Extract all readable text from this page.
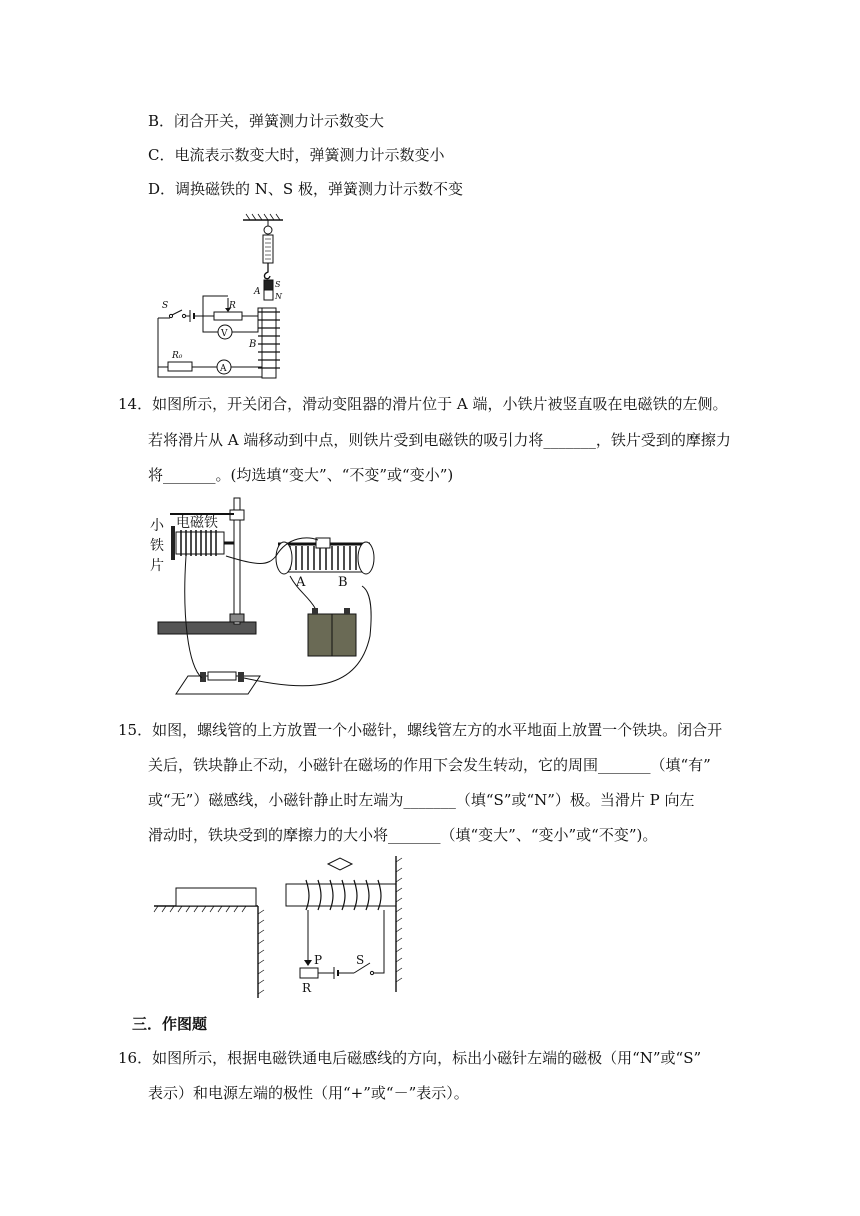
B．闭合开关，弹簧测力计示数变大
C．电流表示数变大时，弹簧测力计示数变小
D．调换磁铁的 N、S 极，弹簧测力计示数不变
A
S
N
B
S	R
V
R₀
A
14．如图所示，开关闭合，滑动变阻器的滑片位于 A 端，小铁片被竖直吸在电磁铁的左侧。
若将滑片从 A 端移动到中点，则铁片受到电磁铁的吸引力将_______，铁片受到的摩擦力
将_______。(均选填“变大”、“不变”或“变小”)
小
铁
片
电磁铁
A	B
15．如图，螺线管的上方放置一个小磁针，螺线管左方的水平地面上放置一个铁块。闭合开
关后，铁块静止不动，小磁针在磁场的作用下会发生转动，它的周围_______（填“有”
或“无”）磁感线，小磁针静止时左端为_______（填“S”或“N”）极。当滑片 P 向左
滑动时，铁块受到的摩擦力的大小将_______（填“变大”、“变小”或“不变”)。
P
R
S
三．作图题
16．如图所示，根据电磁铁通电后磁感线的方向，标出小磁针左端的磁极（用“N”或“S”
表示）和电源左端的极性（用“+”或“－”表示）。
